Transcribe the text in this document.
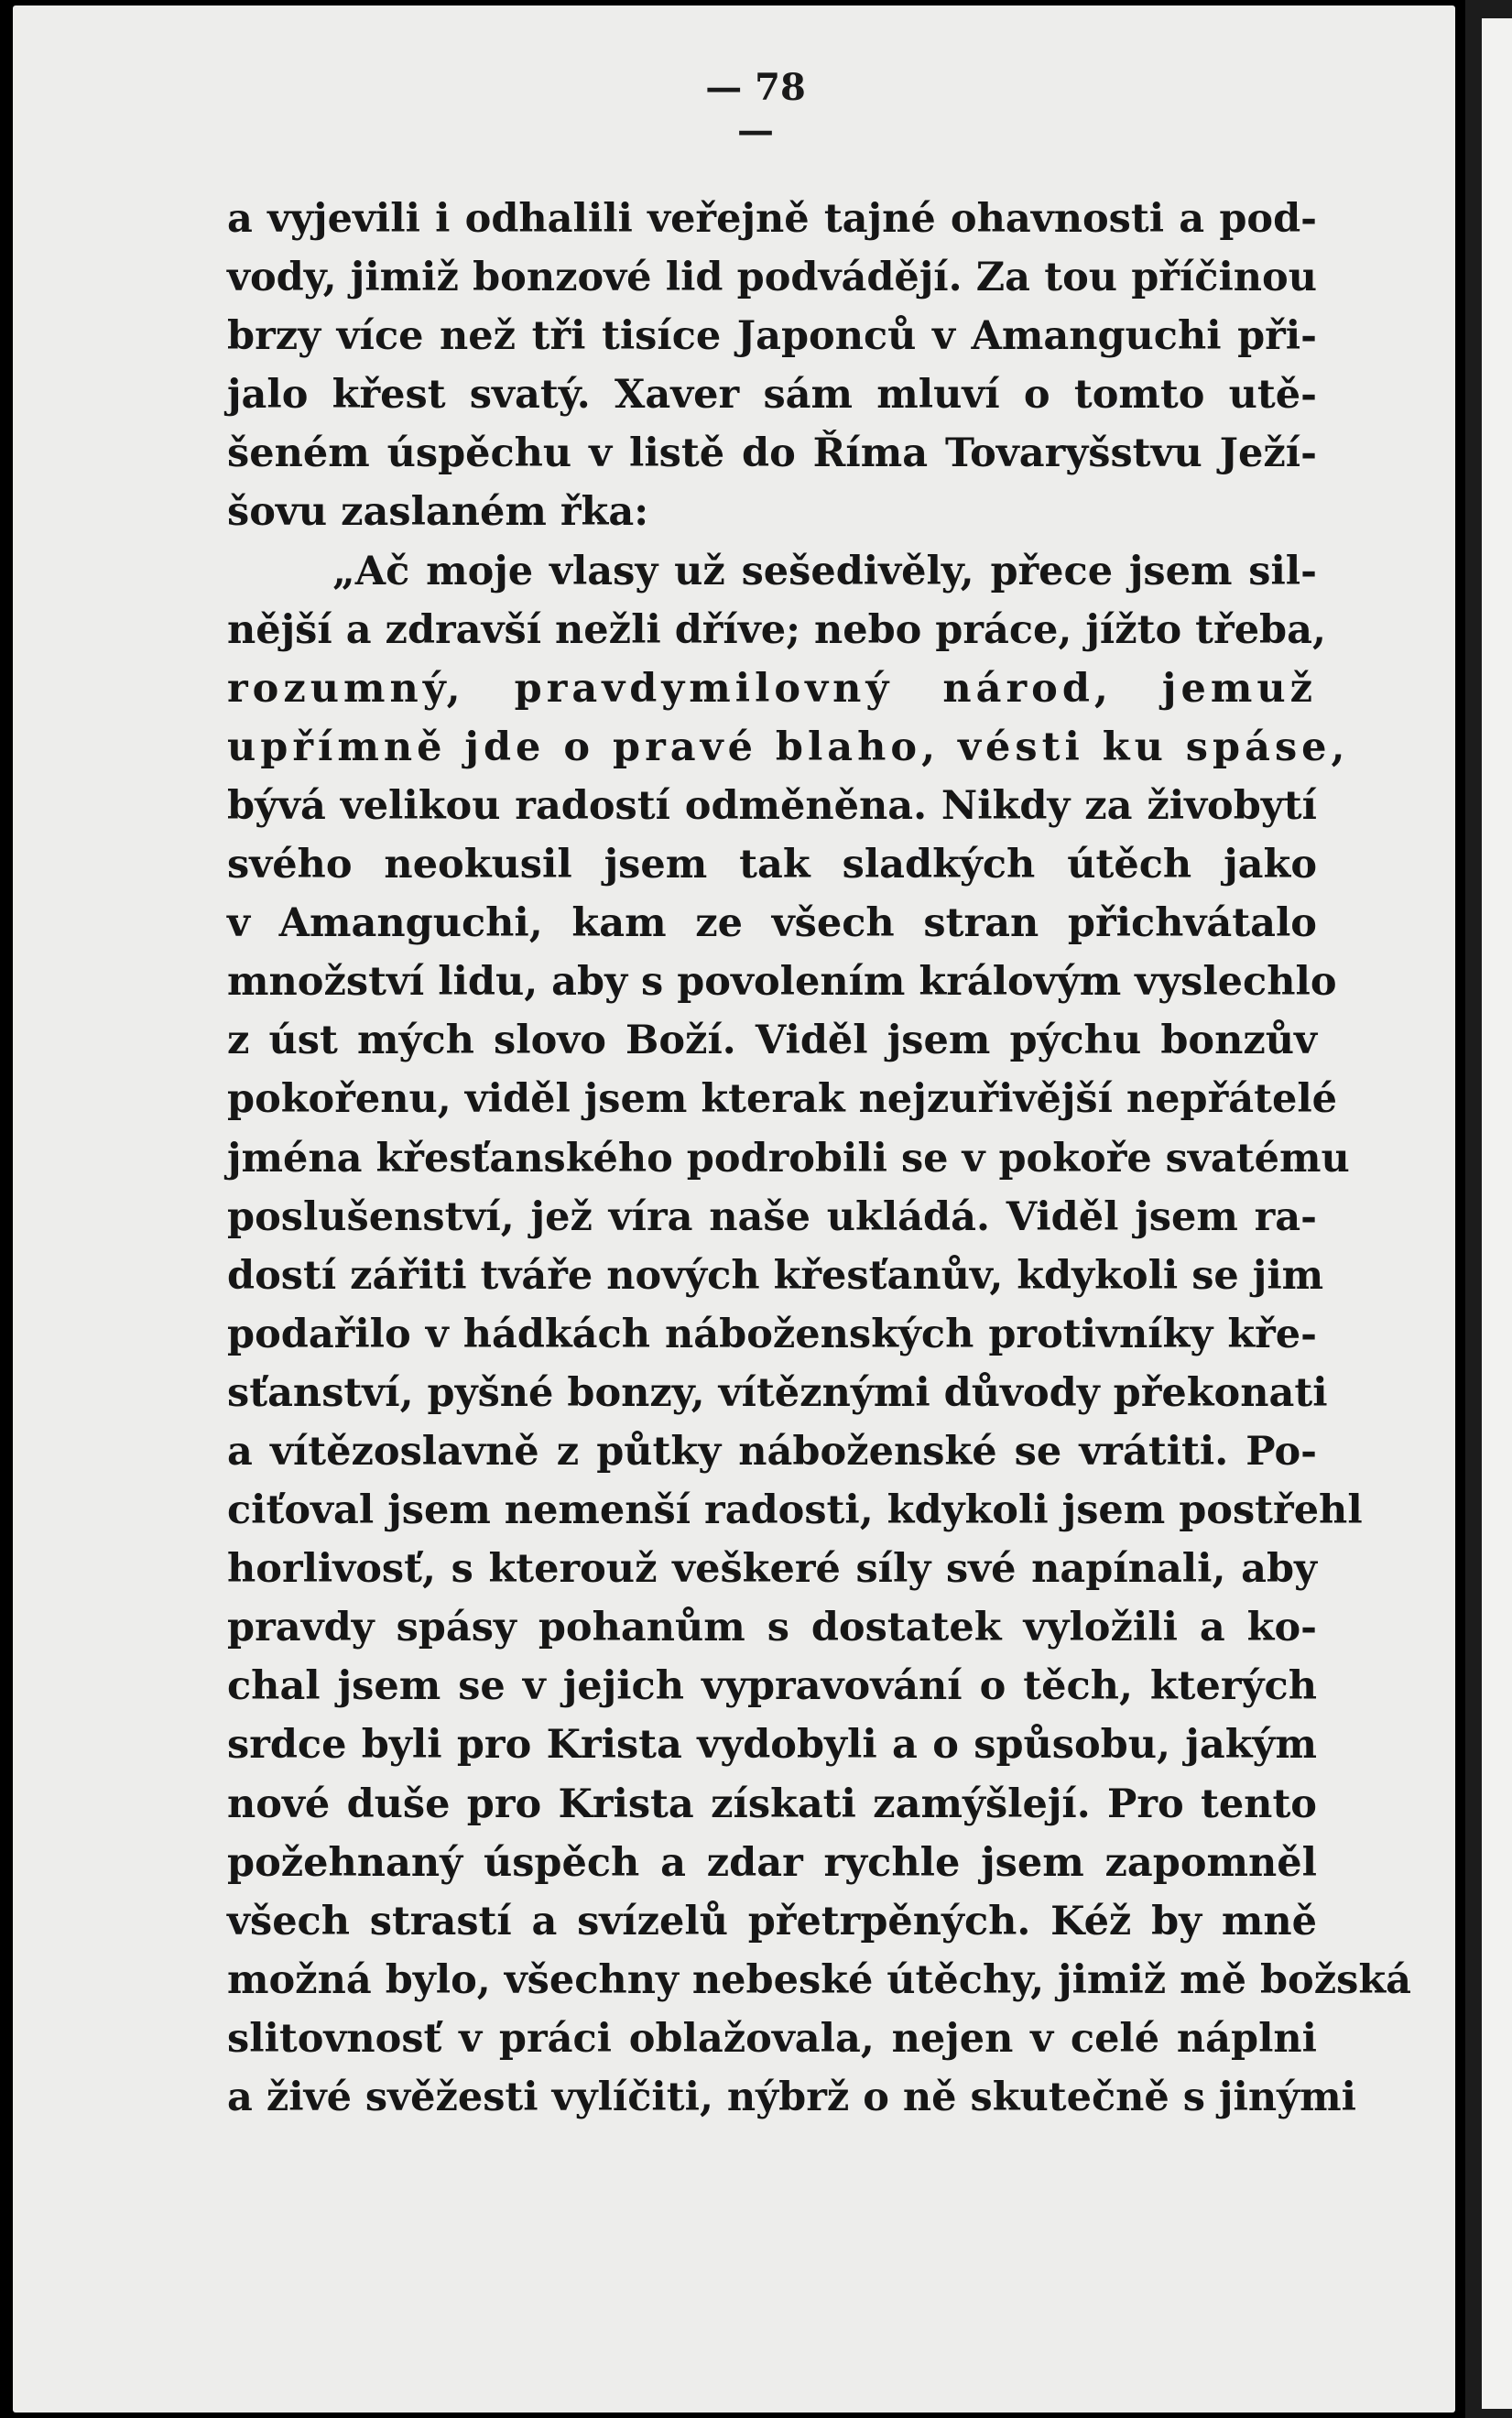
— 78 —
a vyjevili i odhalili veřejně tajné ohavnosti a pod-
vody, jimiž bonzové lid podvádějí. Za tou příčinou
brzy více než tři tisíce Japonců v Amanguchi při-
jalo křest svatý. Xaver sám mluví o tomto utě-
šeném úspěchu v listě do Říma Tovaryšstvu Ježí-
šovu zaslaném řka:
„Ač moje vlasy už sešedivěly, přece jsem sil-
nější a zdravší nežli dříve; nebo práce, jížto třeba,
rozumný, pravdymilovný národ, jemuž
upřímně jde o pravé blaho, vésti ku spáse,
bývá velikou radostí odměněna. Nikdy za živobytí
svého neokusil jsem tak sladkých útěch jako
v Amanguchi, kam ze všech stran přichvátalo
množství lidu, aby s povolením královým vyslechlo
z úst mých slovo Boží. Viděl jsem pýchu bonzův
pokořenu, viděl jsem kterak nejzuřivější nepřátelé
jména křesťanského podrobili se v pokoře svatému
poslušenství, jež víra naše ukládá. Viděl jsem ra-
dostí zářiti tváře nových křesťanův, kdykoli se jim
podařilo v hádkách náboženských protivníky kře-
sťanství, pyšné bonzy, vítěznými důvody překonati
a vítězoslavně z půtky náboženské se vrátiti. Po-
ciťoval jsem nemenší radosti, kdykoli jsem postřehl
horlivosť, s kterouž veškeré síly své napínali, aby
pravdy spásy pohanům s dostatek vyložili a ko-
chal jsem se v jejich vypravování o těch, kterých
srdce byli pro Krista vydobyli a o spůsobu, jakým
nové duše pro Krista získati zamýšlejí. Pro tento
požehnaný úspěch a zdar rychle jsem zapomněl
všech strastí a svízelů přetrpěných. Kéž by mně
možná bylo, všechny nebeské útěchy, jimiž mě božská
slitovnosť v práci oblažovala, nejen v celé náplni
a živé svěžesti vylíčiti, nýbrž o ně skutečně s jinými
